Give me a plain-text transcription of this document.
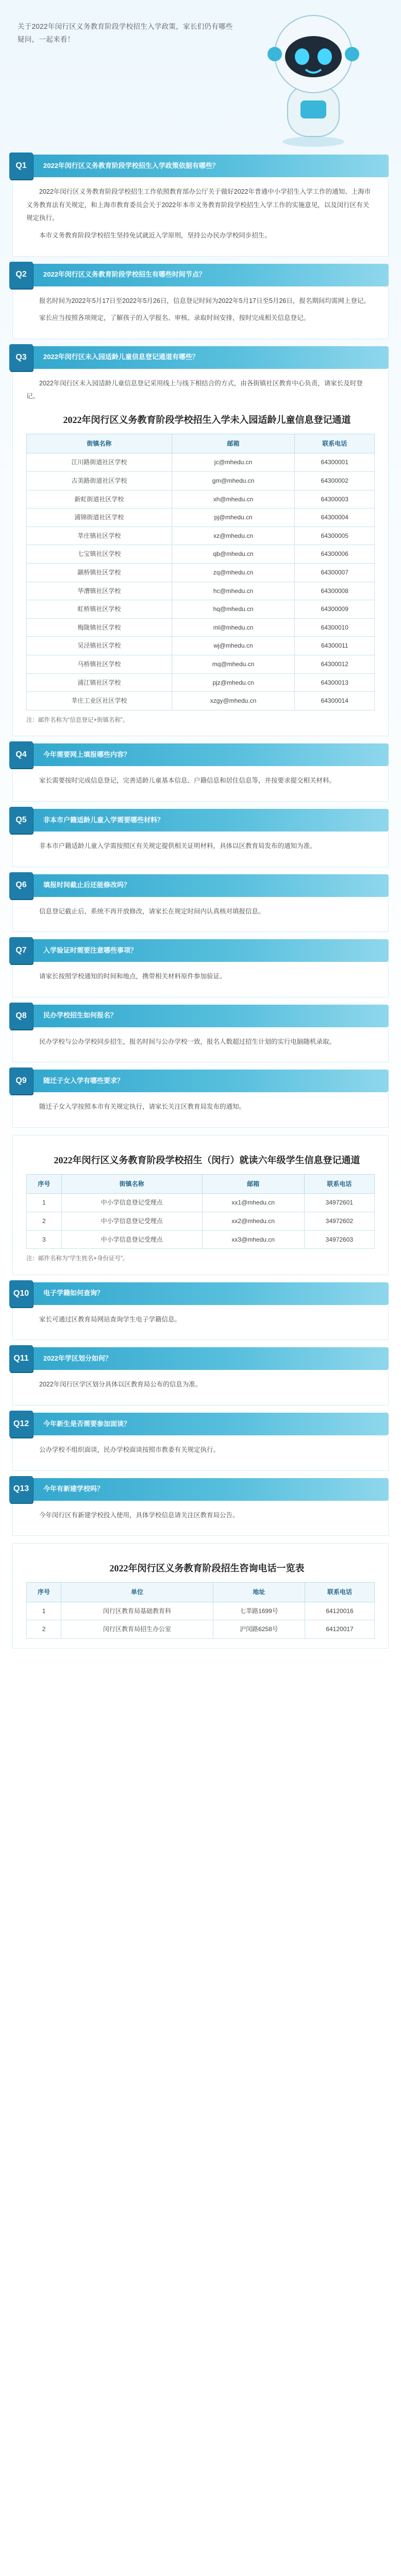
关于2022年闵行区义务教育阶段学校招生入学政策，家长们仍有哪些疑问，一起来看！
Q1	2022年闵行区义务教育阶段学校招生入学政策依据有哪些？

2022年闵行区义务教育阶段学校招生工作依照教育部办公厅关于做好2022年普通中小学招生入学工作的通知、上海市义务教育法有关规定，和上海市教育委员会关于2022年本市义务教育阶段学校招生入学工作的实施意见，以及闵行区有关规定执行。

本市义务教育阶段学校招生坚持免试就近入学原则，坚持公办民办学校同步招生。

Q2	2022年闵行区义务教育阶段学校招生有哪些时间节点？

报名时间为2022年5月17日至2022年5月26日，信息登记时间为2022年5月17日至5月26日，报名期间均需网上登记。

家长应当按照各项规定，了解孩子的入学报名、审核、录取时间安排，按时完成相关信息登记。

Q3	2022年闵行区未入园适龄儿童信息登记通道有哪些？

2022年闵行区未入园适龄儿童信息登记采用线上与线下相结合的方式，由各街镇社区教育中心负责，请家长及时登记。

2022年闵行区义务教育阶段学校招生入学未入园适龄儿童信息登记通道
街镇名称	邮箱	联系电话
江川路街道社区学校	jc@mhedu.cn	64300001
古美路街道社区学校	gm@mhedu.cn	64300002
新虹街道社区学校	xh@mhedu.cn	64300003
浦锦街道社区学校	pj@mhedu.cn	64300004
莘庄镇社区学校	xz@mhedu.cn	64300005
七宝镇社区学校	qb@mhedu.cn	64300006
颛桥镇社区学校	zq@mhedu.cn	64300007
华漕镇社区学校	hc@mhedu.cn	64300008
虹桥镇社区学校	hq@mhedu.cn	64300009
梅陇镇社区学校	ml@mhedu.cn	64300010
吴泾镇社区学校	wj@mhedu.cn	64300011
马桥镇社区学校	mq@mhedu.cn	64300012
浦江镇社区学校	pjz@mhedu.cn	64300013
莘庄工业区社区学校	xzgy@mhedu.cn	64300014
注：邮件名称为“信息登记+街镇名称”。
Q4	今年需要网上填报哪些内容？

家长需要按时完成信息登记，完善适龄儿童基本信息、户籍信息和居住信息等，并按要求提交相关材料。

Q5	非本市户籍适龄儿童入学需要哪些材料？

非本市户籍适龄儿童入学需按照区有关规定提供相关证明材料，具体以区教育局发布的通知为准。

Q6	填报时间截止后还能修改吗？

信息登记截止后，系统不再开放修改，请家长在规定时间内认真核对填报信息。

Q7	入学验证时需要注意哪些事项？

请家长按照学校通知的时间和地点，携带相关材料原件参加验证。

Q8	民办学校招生如何报名？

民办学校与公办学校同步招生，报名时间与公办学校一致，报名人数超过招生计划的实行电脑随机录取。

Q9	随迁子女入学有哪些要求？

随迁子女入学按照本市有关规定执行，请家长关注区教育局发布的通知。

2022年闵行区义务教育阶段学校招生（闵行）就读六年级学生信息登记通道
序号	街镇名称	邮箱	联系电话
1	中小学信息登记受理点	xx1@mhedu.cn	34972601
2	中小学信息登记受理点	xx2@mhedu.cn	34972602
3	中小学信息登记受理点	xx3@mhedu.cn	34972603
注：邮件名称为“学生姓名+身份证号”。
Q10	电子学籍如何查询？

家长可通过区教育局网站查询学生电子学籍信息。

Q11	2022年学区划分如何？

2022年闵行区学区划分具体以区教育局公布的信息为准。

Q12	今年新生是否需要参加面谈？

公办学校不组织面谈，民办学校面谈按照市教委有关规定执行。

Q13	今年有新建学校吗？

今年闵行区有新建学校投入使用，具体学校信息请关注区教育局公告。

2022年闵行区义务教育阶段招生咨询电话一览表
序号	单位	地址	联系电话
1	闵行区教育局基础教育科	七莘路1699号	64120016
2	闵行区教育局招生办公室	沪闵路6258号	64120017
